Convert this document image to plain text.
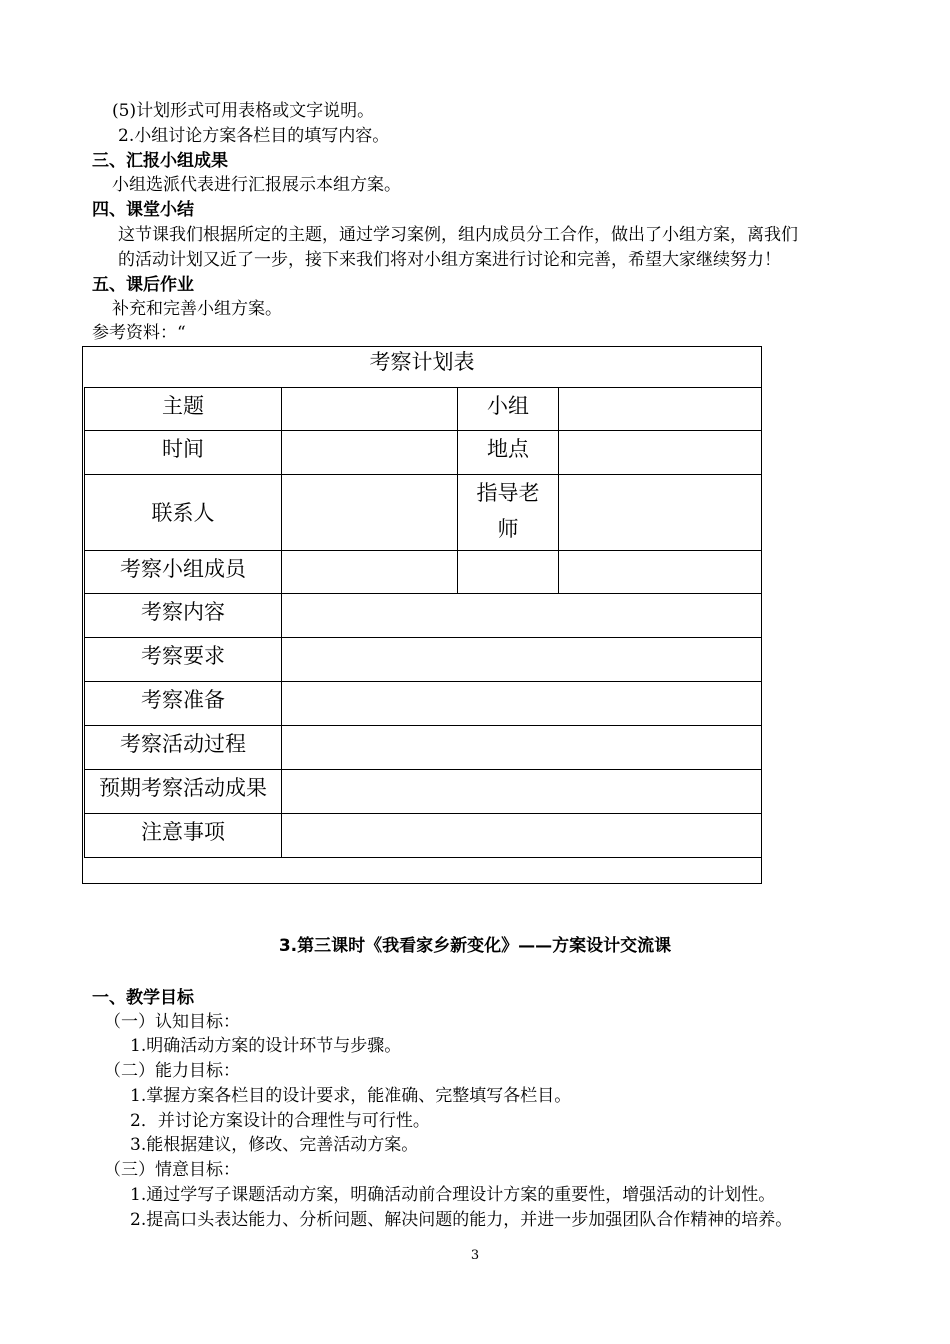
(5)计划形式可用表格或文字说明。
2.小组讨论方案各栏目的填写内容。
三、汇报小组成果
小组选派代表进行汇报展示本组方案。
四、课堂小结
这节课我们根据所定的主题，通过学习案例，组内成员分工合作，做出了小组方案，离我们
的活动计划又近了一步，接下来我们将对小组方案进行讨论和完善，希望大家继续努力！
五、课后作业
补充和完善小组方案。
参考资料：“
考察计划表
主题		小组	
时间		地点	
联系人		指导老
师	

考察小组成员			
考察内容			
考察要求			
考察准备			
考察活动过程			
预期考察活动成果			
注意事项			
3.第三课时《我看家乡新变化》——方案设计交流课
一、教学目标
（一）认知目标：
1.明确活动方案的设计环节与步骤。
（二）能力目标：
1.掌握方案各栏目的设计要求，能准确、完整填写各栏目。
2．并讨论方案设计的合理性与可行性。
3.能根据建议，修改、完善活动方案。
（三）情意目标：
1.通过学写子课题活动方案，明确活动前合理设计方案的重要性，增强活动的计划性。
2.提高口头表达能力、分析问题、解决问题的能力，并进一步加强团队合作精神的培养。
3
